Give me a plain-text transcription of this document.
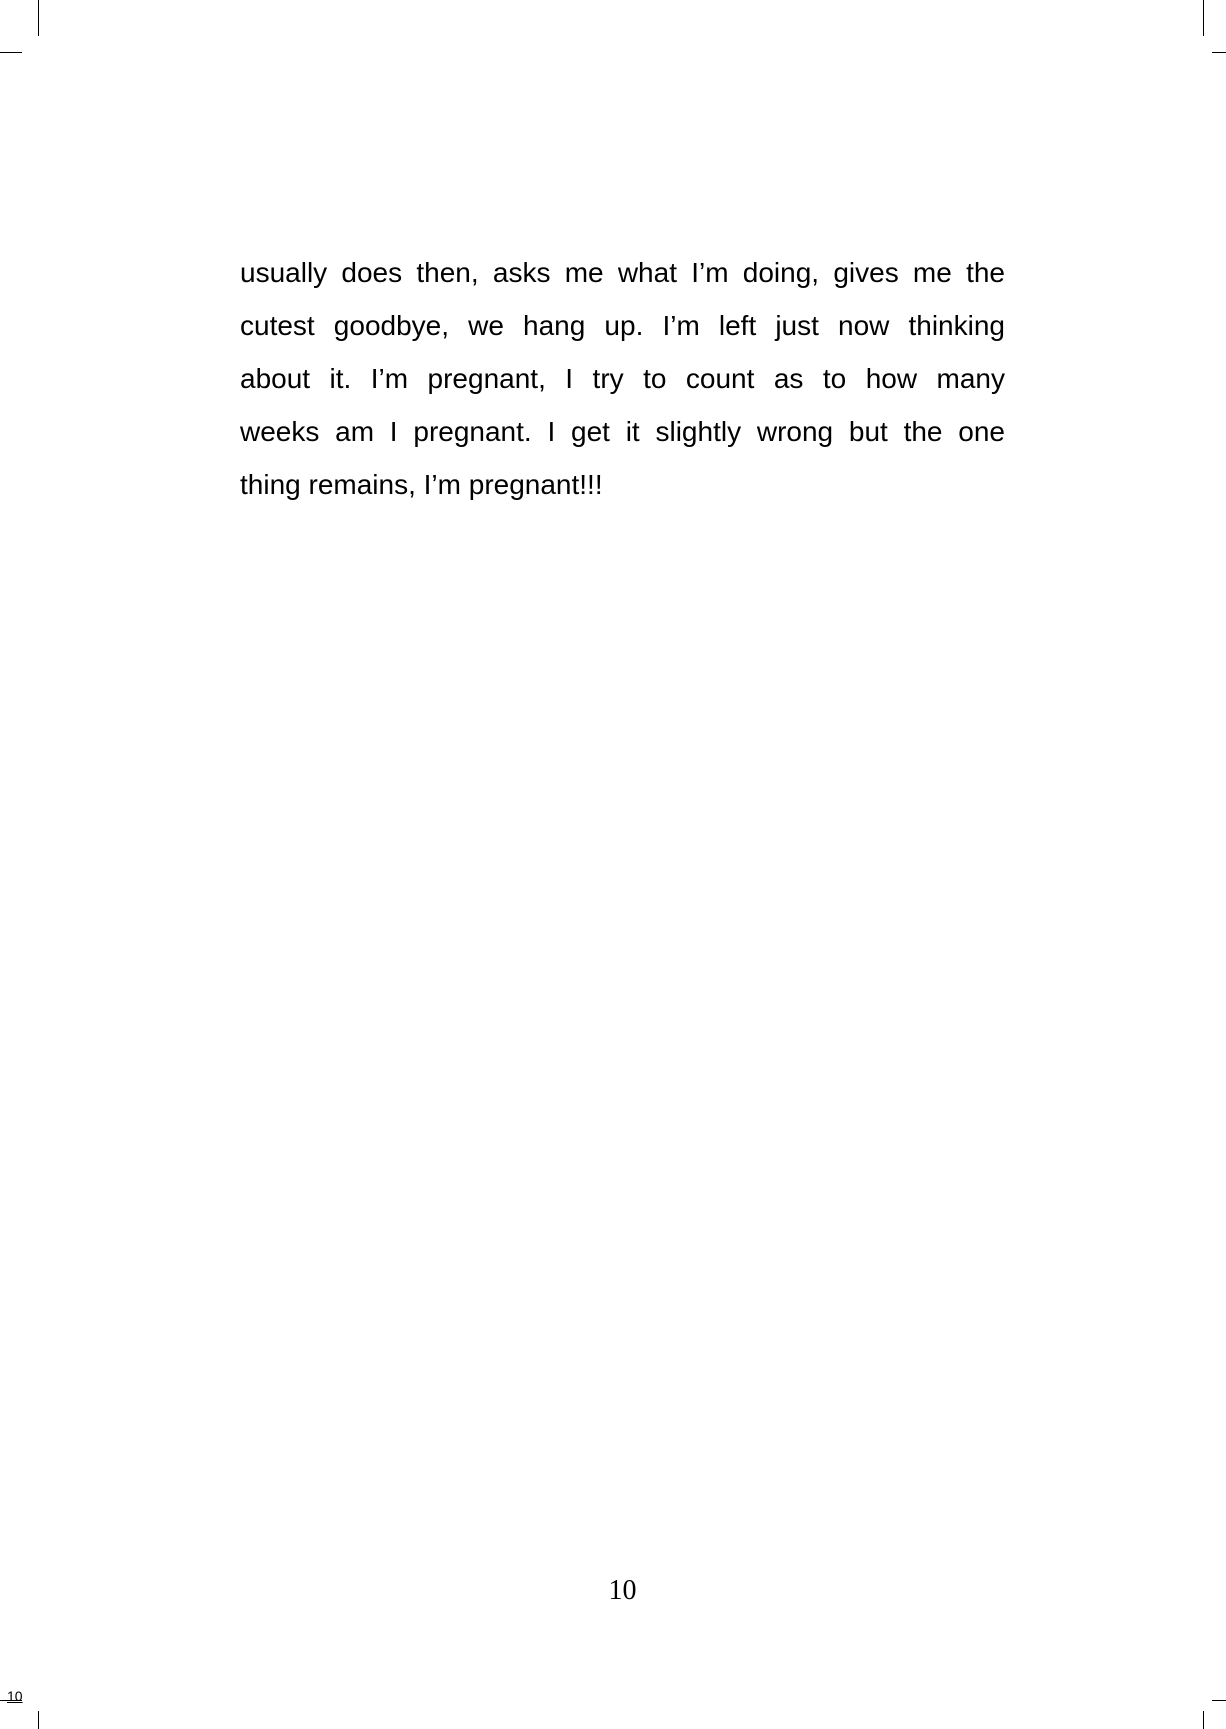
usually does then, asks me what I’m doing, gives me the
cutest goodbye, we hang up. I’m left just now thinking
about it. I’m pregnant, I try to count as to how many
weeks am I pregnant. I get it slightly wrong but the one
thing remains, I’m pregnant!!!
10
10
